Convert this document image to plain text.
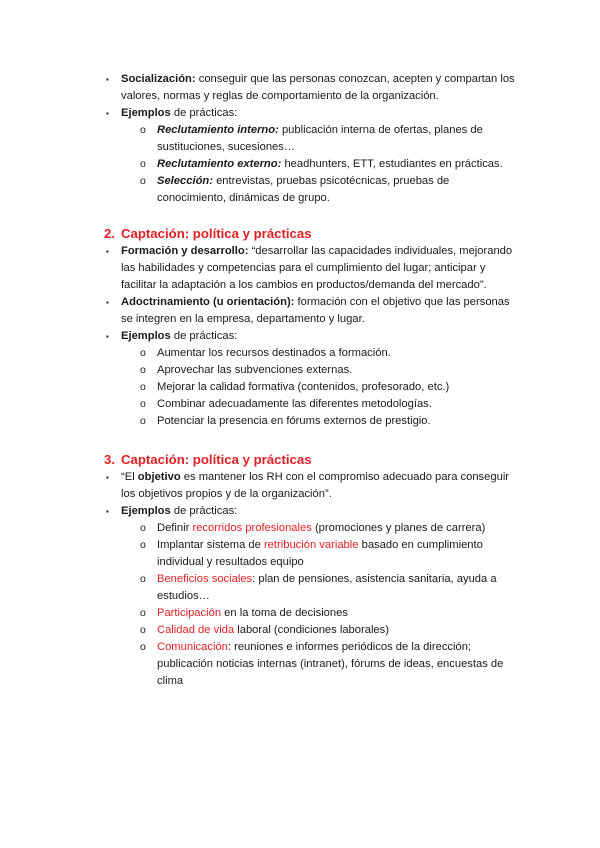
▪ Socialización: conseguir que las personas conozcan, acepten y compartan los valores, normas y reglas de comportamiento de la organización.
▪ Ejemplos de prácticas:
o Reclutamiento interno: publicación interna de ofertas, planes de sustituciones, sucesiones…
o Reclutamiento externo: headhunters, ETT, estudiantes en prácticas.
o Selección: entrevistas, pruebas psicotécnicas, pruebas de conocimiento, dinámicas de grupo.
2. Captación: política y prácticas
▪ Formación y desarrollo: “desarrollar las capacidades individuales, mejorando las habilidades y competencias para el cumplimiento del lugar; anticipar y facilitar la adaptación a los cambios en productos/demanda del mercado”.
▪ Adoctrinamiento (u orientación): formación con el objetivo que las personas se integren en la empresa, departamento y lugar.
▪ Ejemplos de prácticas:
o Aumentar los recursos destinados a formación.
o Aprovechar las subvenciones externas.
o Mejorar la calidad formativa (contenidos, profesorado, etc.)
o Combinar adecuadamente las diferentes metodologías.
o Potenciar la presencia en fórums externos de prestigio.
3. Captación: política y prácticas
▪ “El objetivo es mantener los RH con el compromiso adecuado para conseguir los objetivos propios y de la organización”.
▪ Ejemplos de prácticas:
o Definir recorridos profesionales (promociones y planes de carrera)
o Implantar sistema de retribución variable basado en cumplimiento individual y resultados equipo
o Beneficios sociales: plan de pensiones, asistencia sanitaria, ayuda a estudios…
o Participación en la toma de decisiones
o Calidad de vida laboral (condiciones laborales)
o Comunicación: reuniones e informes periódicos de la dirección; publicación noticias internas (intranet), fórums de ideas, encuestas de clima
